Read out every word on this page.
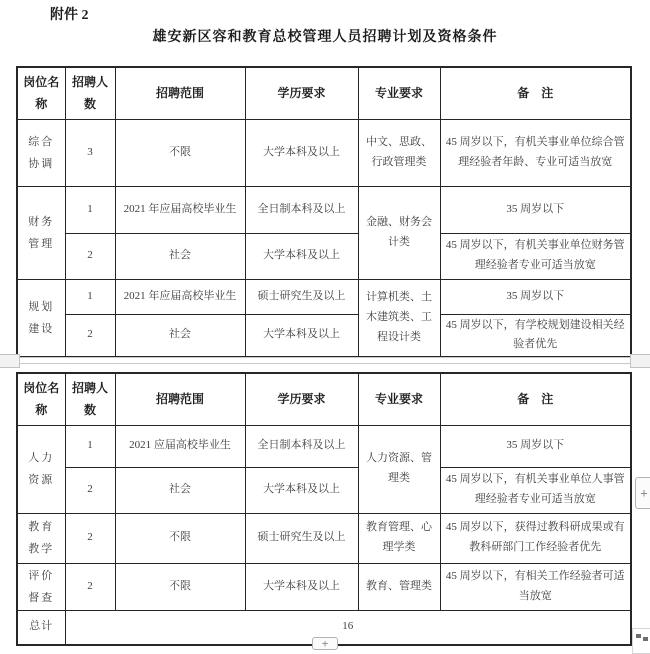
附件 2
雄安新区容和教育总校管理人员招聘计划及资格条件
岗位名称	招聘人数	招聘范围	学历要求	专业要求	备　注
综合协调	3	不限	大学本科及以上	中文、思政、行政管理类	45 周岁以下，有机关事业单位综合管理经验者年龄、专业可适当放宽
财务管理	1	2021 年应届高校毕业生	全日制本科及以上	金融、财务会计类	35 周岁以下
	2	社会	大学本科及以上		45 周岁以下，有机关事业单位财务管理经验者专业可适当放宽
规划建设	1	2021 年应届高校毕业生	硕士研究生及以上	计算机类、土木建筑类、工程设计类	35 周岁以下
	2	社会	大学本科及以上		45 周岁以下，有学校规划建设相关经验者优先
岗位名称	招聘人数	招聘范围	学历要求	专业要求	备　注
人力资源	1	2021 应届高校毕业生	全日制本科及以上	人力资源、管理类	35 周岁以下
	2	社会	大学本科及以上		45 周岁以下，有机关事业单位人事管理经验者专业可适当放宽
教育教学	2	不限	硕士研究生及以上	教育管理、心理学类	45 周岁以下，获得过教科研成果或有教科研部门工作经验者优先
评价督查	2	不限	大学本科及以上	教育、管理类	45 周岁以下，有相关工作经验者可适当放宽
总计	16				
+
+
